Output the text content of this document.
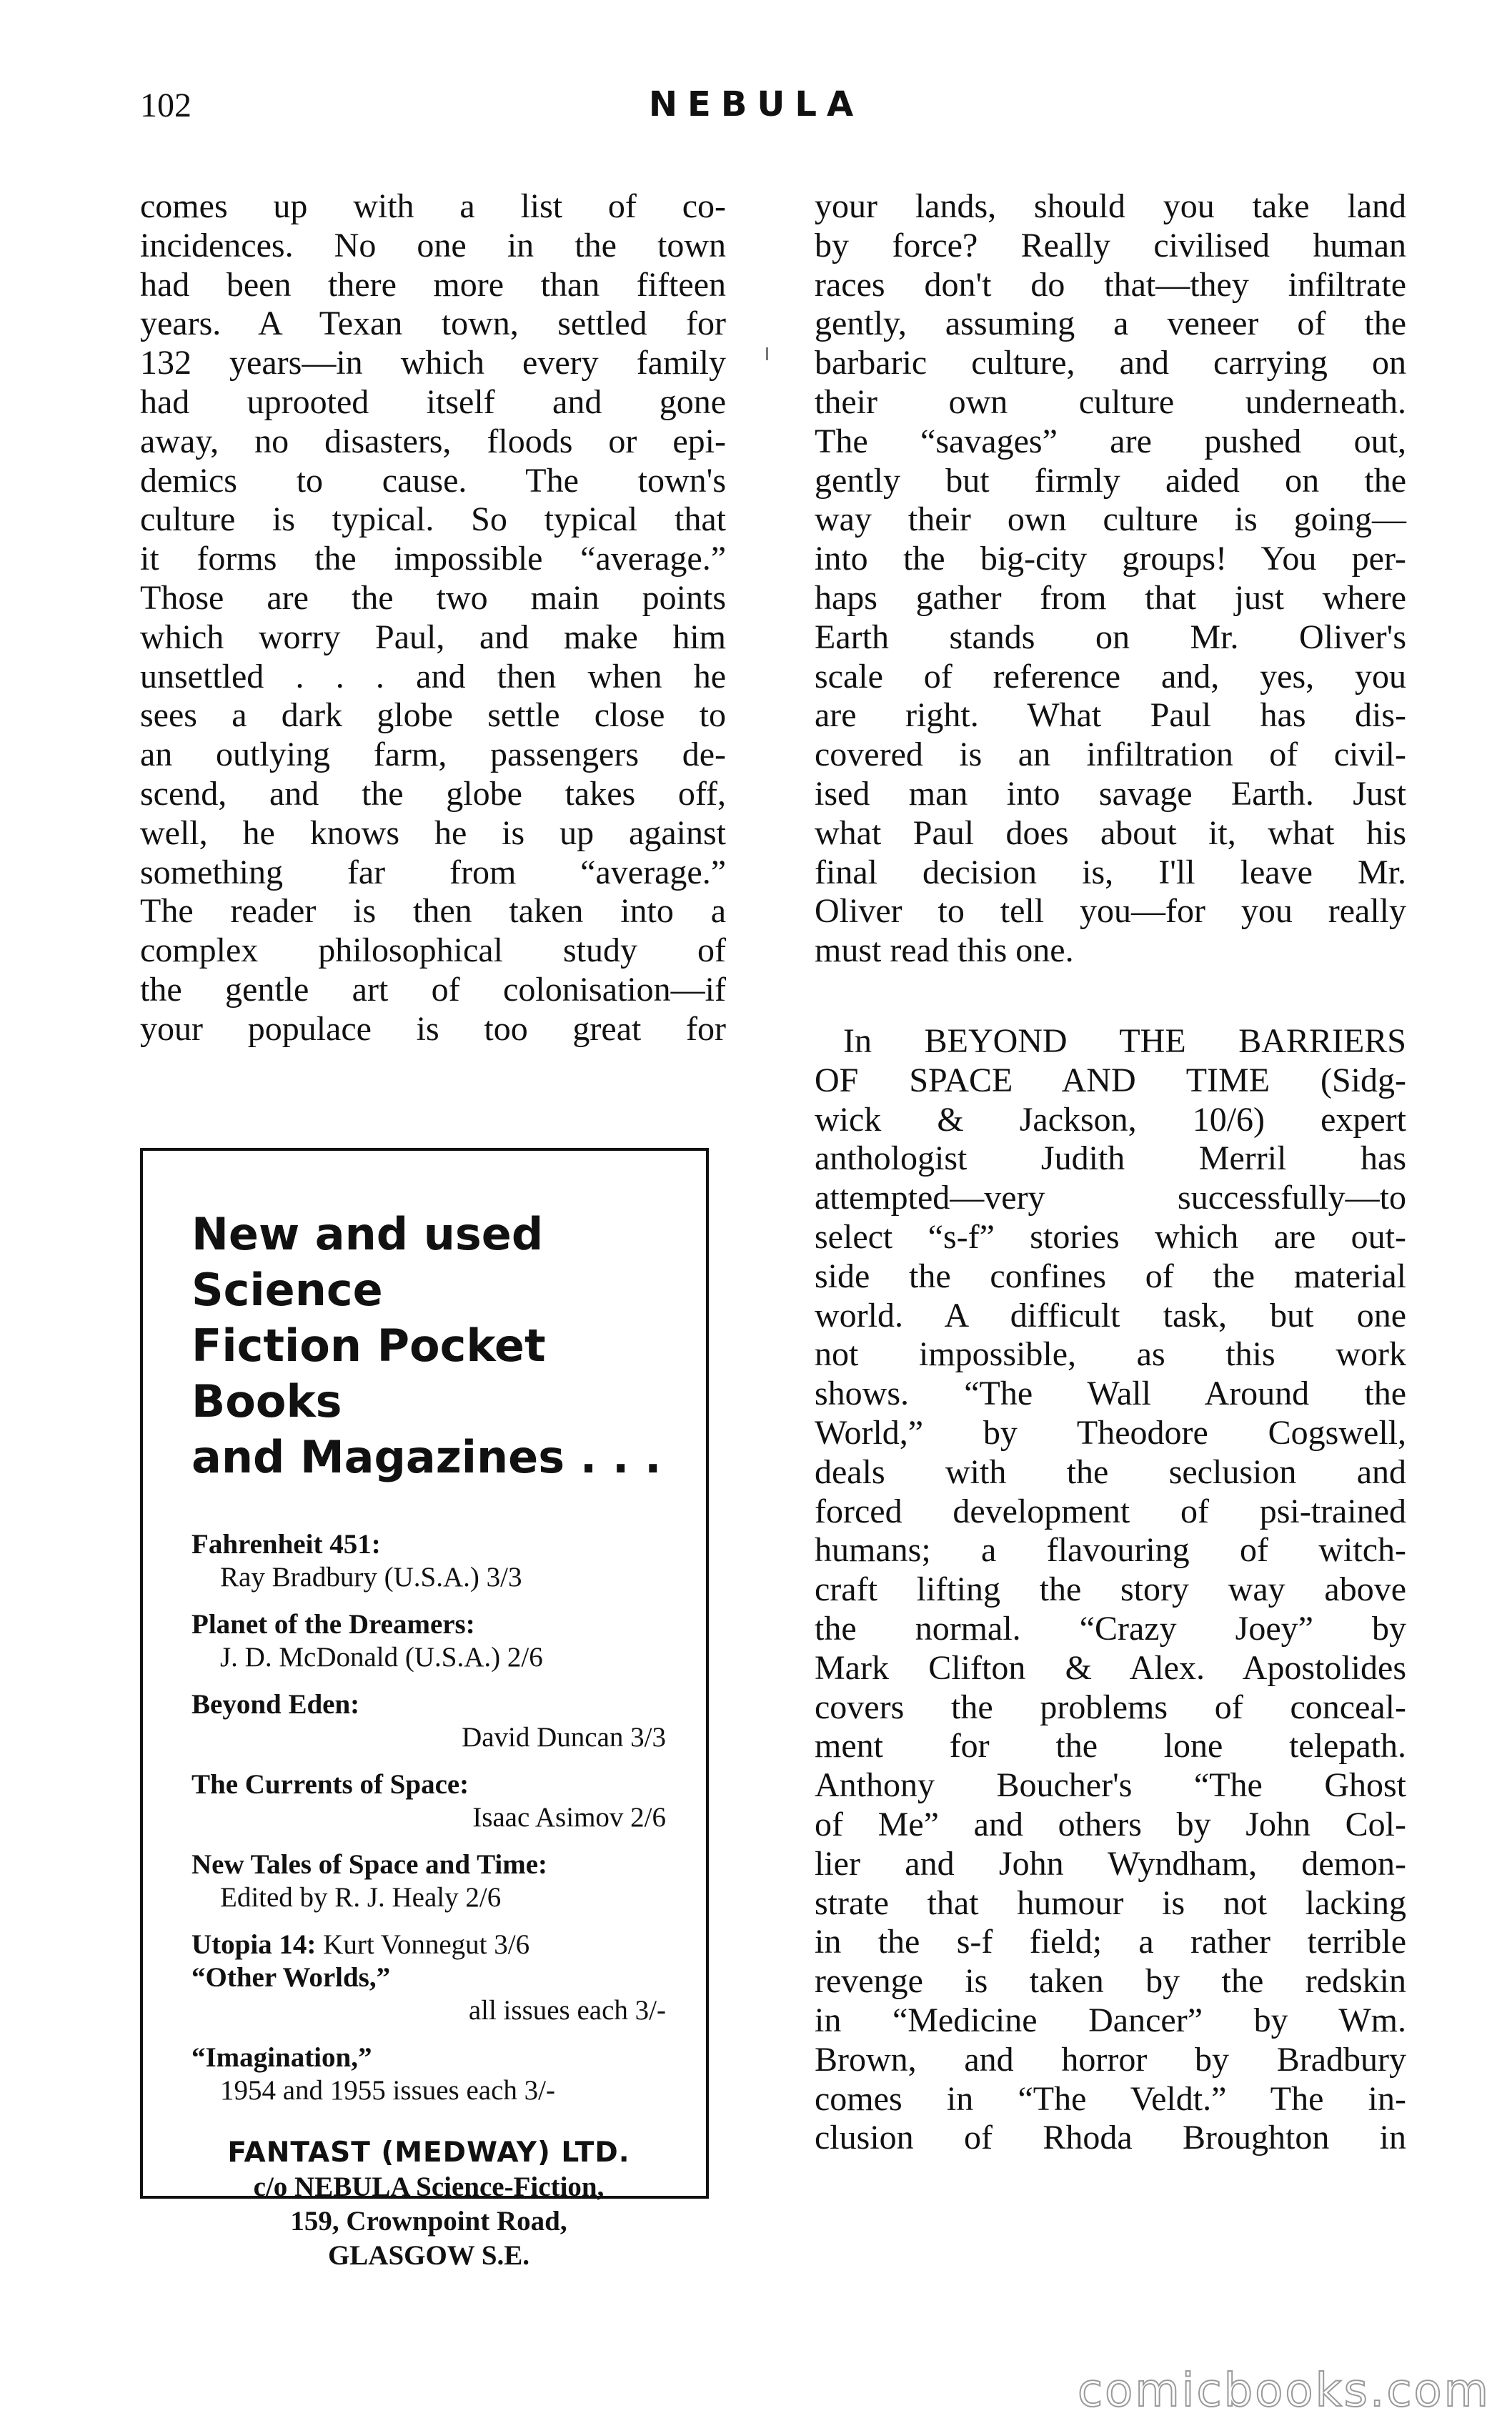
102	NEBULA
comes up with a list of co-
incidences. No one in the town
had been there more than fifteen
years. A Texan town, settled for
132 years—in which every family
had uprooted itself and gone
away, no disasters, floods or epi-
demics to cause. The town's
culture is typical. So typical that
it forms the impossible “average.”
Those are the two main points
which worry Paul, and make him
unsettled . . . and then when he
sees a dark globe settle close to
an outlying farm, passengers de-
scend, and the globe takes off,
well, he knows he is up against
something far from “average.”
The reader is then taken into a
complex philosophical study of
the gentle art of colonisation—if
your populace is too great for
your lands, should you take land
by force? Really civilised human
races don't do that—they infiltrate
gently, assuming a veneer of the
barbaric culture, and carrying on
their own culture underneath.
The “savages” are pushed out,
gently but firmly aided on the
way their own culture is going—
into the big-city groups! You per-
haps gather from that just where
Earth stands on Mr. Oliver's
scale of reference and, yes, you
are right. What Paul has dis-
covered is an infiltration of civil-
ised man into savage Earth. Just
what Paul does about it, what his
final decision is, I'll leave Mr.
Oliver to tell you—for you really
must read this one.
In BEYOND THE BARRIERS
OF SPACE AND TIME (Sidg-
wick & Jackson, 10/6) expert
anthologist Judith Merril has
attempted—very successfully—to
select “s-f” stories which are out-
side the confines of the material
world. A difficult task, but one
not impossible, as this work
shows. “The Wall Around the
World,” by Theodore Cogswell,
deals with the seclusion and
forced development of psi-trained
humans; a flavouring of witch-
craft lifting the story way above
the normal. “Crazy Joey” by
Mark Clifton & Alex. Apostolides
covers the problems of conceal-
ment for the lone telepath.
Anthony Boucher's “The Ghost
of Me” and others by John Col-
lier and John Wyndham, demon-
strate that humour is not lacking
in the s-f field; a rather terrible
revenge is taken by the redskin
in “Medicine Dancer” by Wm.
Brown, and horror by Bradbury
comes in “The Veldt.” The in-
clusion of Rhoda Broughton in
New and used Science
Fiction Pocket Books
and Magazines . . .
Fahrenheit 451:
Ray Bradbury (U.S.A.) 3/3
Planet of the Dreamers:
J. D. McDonald (U.S.A.) 2/6
Beyond Eden:
David Duncan 3/3
The Currents of Space:
Isaac Asimov 2/6
New Tales of Space and Time:
Edited by R. J. Healy 2/6
Utopia 14: Kurt Vonnegut 3/6
“Other Worlds,”
all issues each 3/-
“Imagination,”
1954 and 1955 issues each 3/-
FANTAST (MEDWAY) LTD.
c/o NEBULA Science-Fiction,
159, Crownpoint Road,
GLASGOW S.E.
comicbooks.com
